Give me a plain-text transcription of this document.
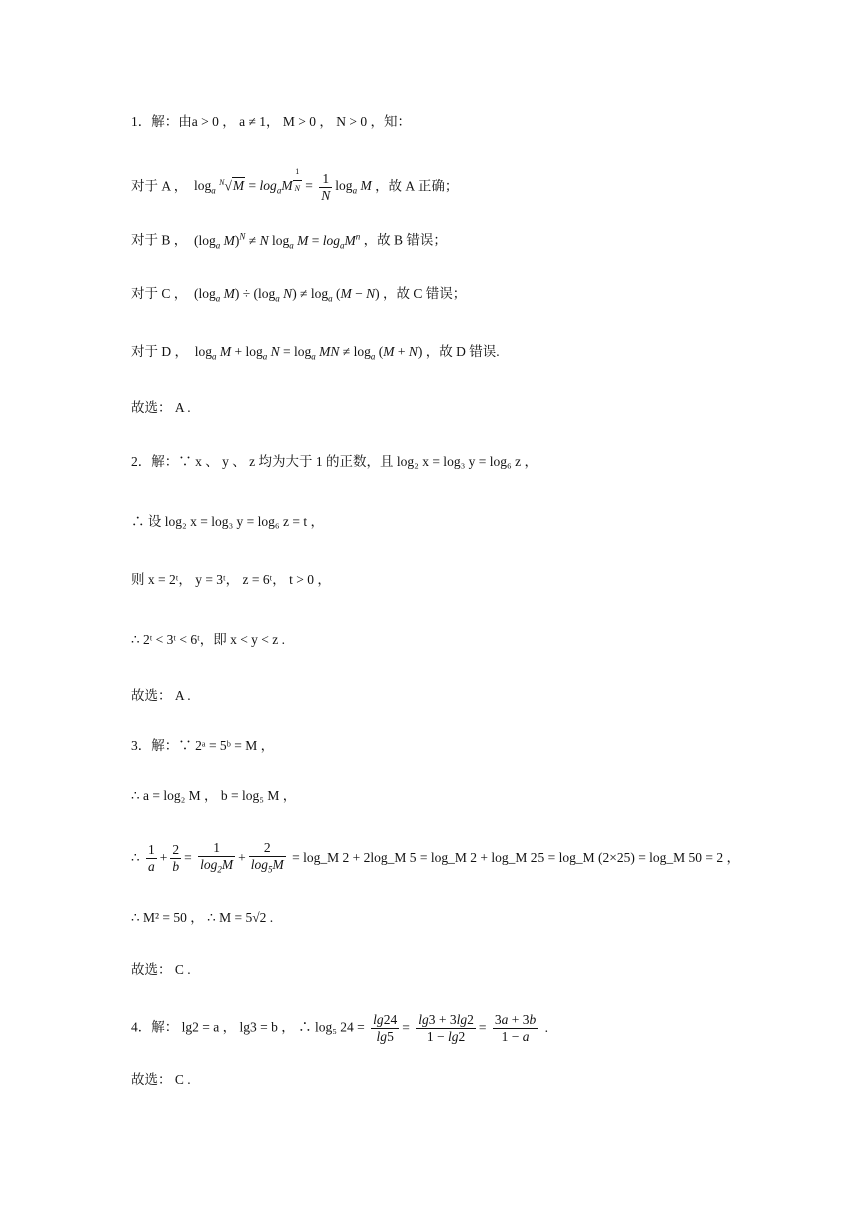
1．解：由a > 0 ， a ≠ 1， M > 0 ， N > 0 ，知：
对于 A ，  $\log_a ^N√M = \log_aM$ $^{\frac{1}{N}} = \frac{1}{N} \log_a M$ ，故 A 正确；
对于 B ，  ($\log_a$ M)$^N$ ≠ N $\log_a M = \log_aM^n$ ，故 B 错误；
对于 C ，  ($\log_a$ $M) \div (\log_a$ $N) \ne \log_a (M - N)$ ，故 C 错误；
对于 D ，  $\log_a M + \log_a N = \log_a$ MN ≠ $\log_a (M + N)$ ，故 D 错误.
故选： A .
2．解：∵ x 、 y 、 z 均为大于 1 的正数，且 log₂ x = log₃ y = log₆ z ，
∴ 设 log₂ x = log₃ y = log₆ z = t ，
则 x = 2ᵗ， y = 3ᵗ， z = 6ᵗ， t > 0 ，
∴ 2ᵗ < 3ᵗ < 6ᵗ，即 x < y < z .
故选： A .
3．解：∵ 2ᵃ = 5ᵇ = M ，
∴ a = log₂ M ， b = log₅ M ，
∴ $\frac{1}{a} + \frac{2}{b} = \frac{1}{\log_2M} + \frac{2}{\log_5M}$ = log_M 2 + 2log_M 5 = log_M 2 + log_M 25 = log_M (2×25) = log_M 50 = 2 ，
∴ M² = 50 ， ∴ M = 5√2 .
故选： C .
4．解： lg2 = a ， lg3 = b ， ∴ log₅ $24 = \frac{\lg 24}{\lg 5} = \frac{\lg 3 + 3\lg 2}{1 - \lg 2} = \frac{3a + 3b}{1 - a}$ .
故选： C .
